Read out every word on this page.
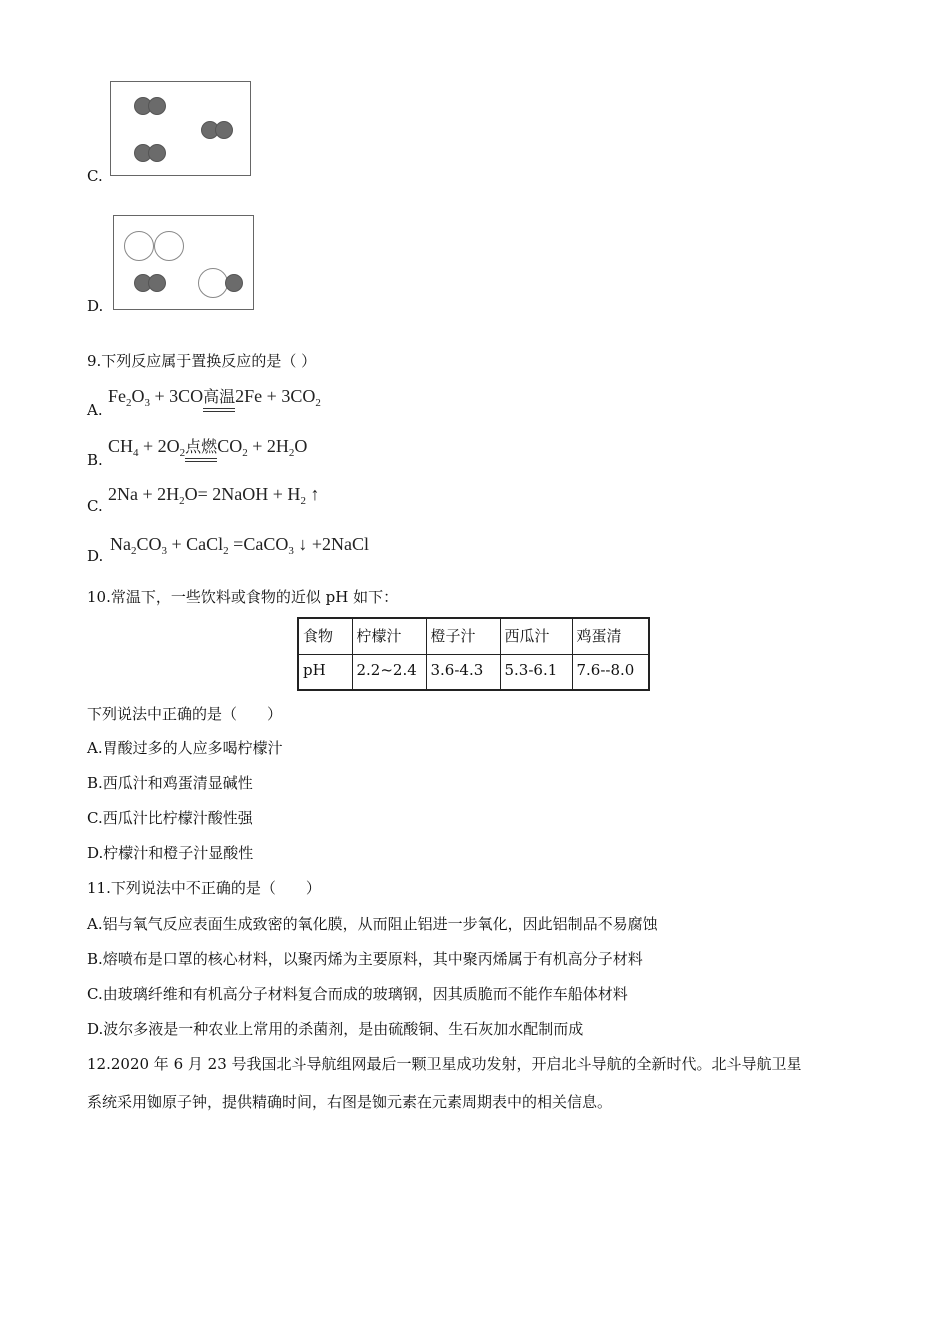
C.
D.
9.下列反应属于置换反应的是（ ）
A.
$Fe_2O_3 + 3CO$高温$2Fe + 3CO_2$
B.
$CH_4 + 2O_2$点燃$CO_2 + 2H_2O$
C.
$2Na + 2H_2O=$ 2NaOH + $H_2$ ↑
D.
$Na_2CO_3$ + CaCl$_2$ =CaCO$_3$ ↓ +2NaCl
10.常温下，一些饮料或食物的近似 pH 如下：
食物	柠檬汁	橙子汁	西瓜汁	鸡蛋清
pH	2.2~2.4	3.6-4.3	5.3-6.1	7.6--8.0
下列说法中正确的是（　　）
A.胃酸过多的人应多喝柠檬汁
B.西瓜汁和鸡蛋清显碱性
C.西瓜汁比柠檬汁酸性强
D.柠檬汁和橙子汁显酸性
11.下列说法中不正确的是（　　）
A.铝与氧气反应表面生成致密的氧化膜，从而阻止铝进一步氧化，因此铝制品不易腐蚀
B.熔喷布是口罩的核心材料，以聚丙烯为主要原料，其中聚丙烯属于有机高分子材料
C.由玻璃纤维和有机高分子材料复合而成的玻璃钢，因其质脆而不能作车船体材料
D.波尔多液是一种农业上常用的杀菌剂，是由硫酸铜、生石灰加水配制而成
12.2020 年 6 月 23 号我国北斗导航组网最后一颗卫星成功发射，开启北斗导航的全新时代。北斗导航卫星
系统采用铷原子钟，提供精确时间，右图是铷元素在元素周期表中的相关信息。
